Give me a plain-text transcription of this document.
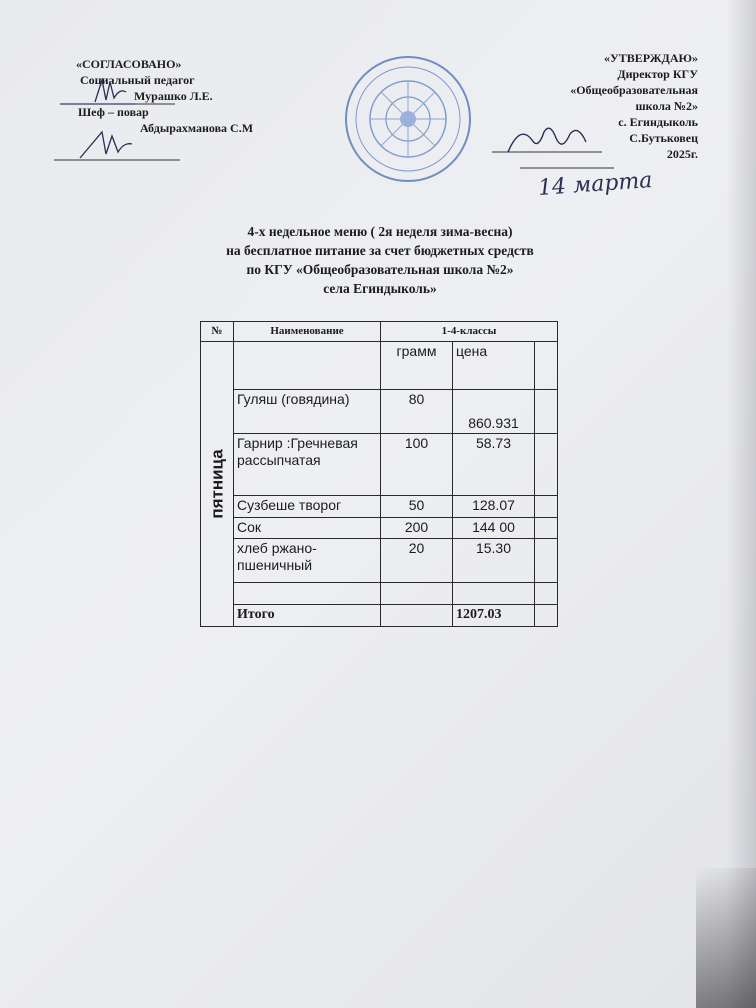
«СОГЛАСОВАНО»
Социальный педагог
Мурашко Л.Е.
Шеф – повар
Абдырахманова С.М
«УТВЕРЖДАЮ»
Директор КГУ
«Общеобразовательная
школа №2»
с. Егиндыколь
С.Бутьковец
2025г.
14 марта
4-х недельное меню ( 2я неделя зима-весна)
на бесплатное питание за счет бюджетных средств
по КГУ «Общеобразовательная школа №2»
села Егиндыколь»
№	Наименование	1-4-классы		

пятница		грамм	цена	
	Гуляш (говядина)	80	860.931	
	Гарнир :Гречневая рассыпчатая	100	58.73	
	Сузбеше творог	50	128.07	
	Сок	200	144 00	
	хлеб ржано-пшеничный	20	15.30	

	Итого		1207.03	
